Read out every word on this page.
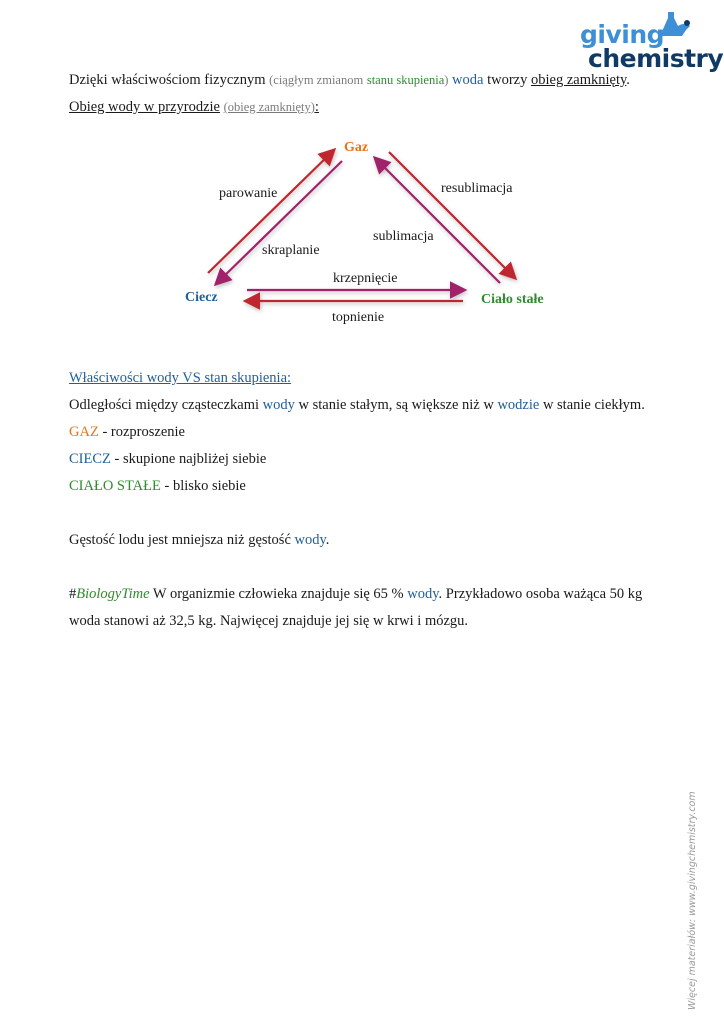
giving
chemistry
Dzięki właściwościom fizycznym (ciągłym zmianom stanu skupienia) woda tworzy obieg zamknięty.
Obieg wody w przyrodzie (obieg zamknięty):
Gaz
Ciecz	Ciało stałe
parowanie
skraplanie
resublimacja
sublimacja
krzepnięcie
topnienie
Właściwości wody VS stan skupienia:
Odległości między cząsteczkami wody w stanie stałym, są większe niż w wodzie w stanie ciekłym.
GAZ - rozproszenie
CIECZ - skupione najbliżej siebie
CIAŁO STAŁE - blisko siebie
Gęstość lodu jest mniejsza niż gęstość wody.
#BiologyTime W organizmie człowieka znajduje się 65 % wody. Przykładowo osoba ważąca 50 kg
woda stanowi aż 32,5 kg. Najwięcej znajduje jej się w krwi i mózgu.
Więcej materiałów: www.givingchemistry.com
